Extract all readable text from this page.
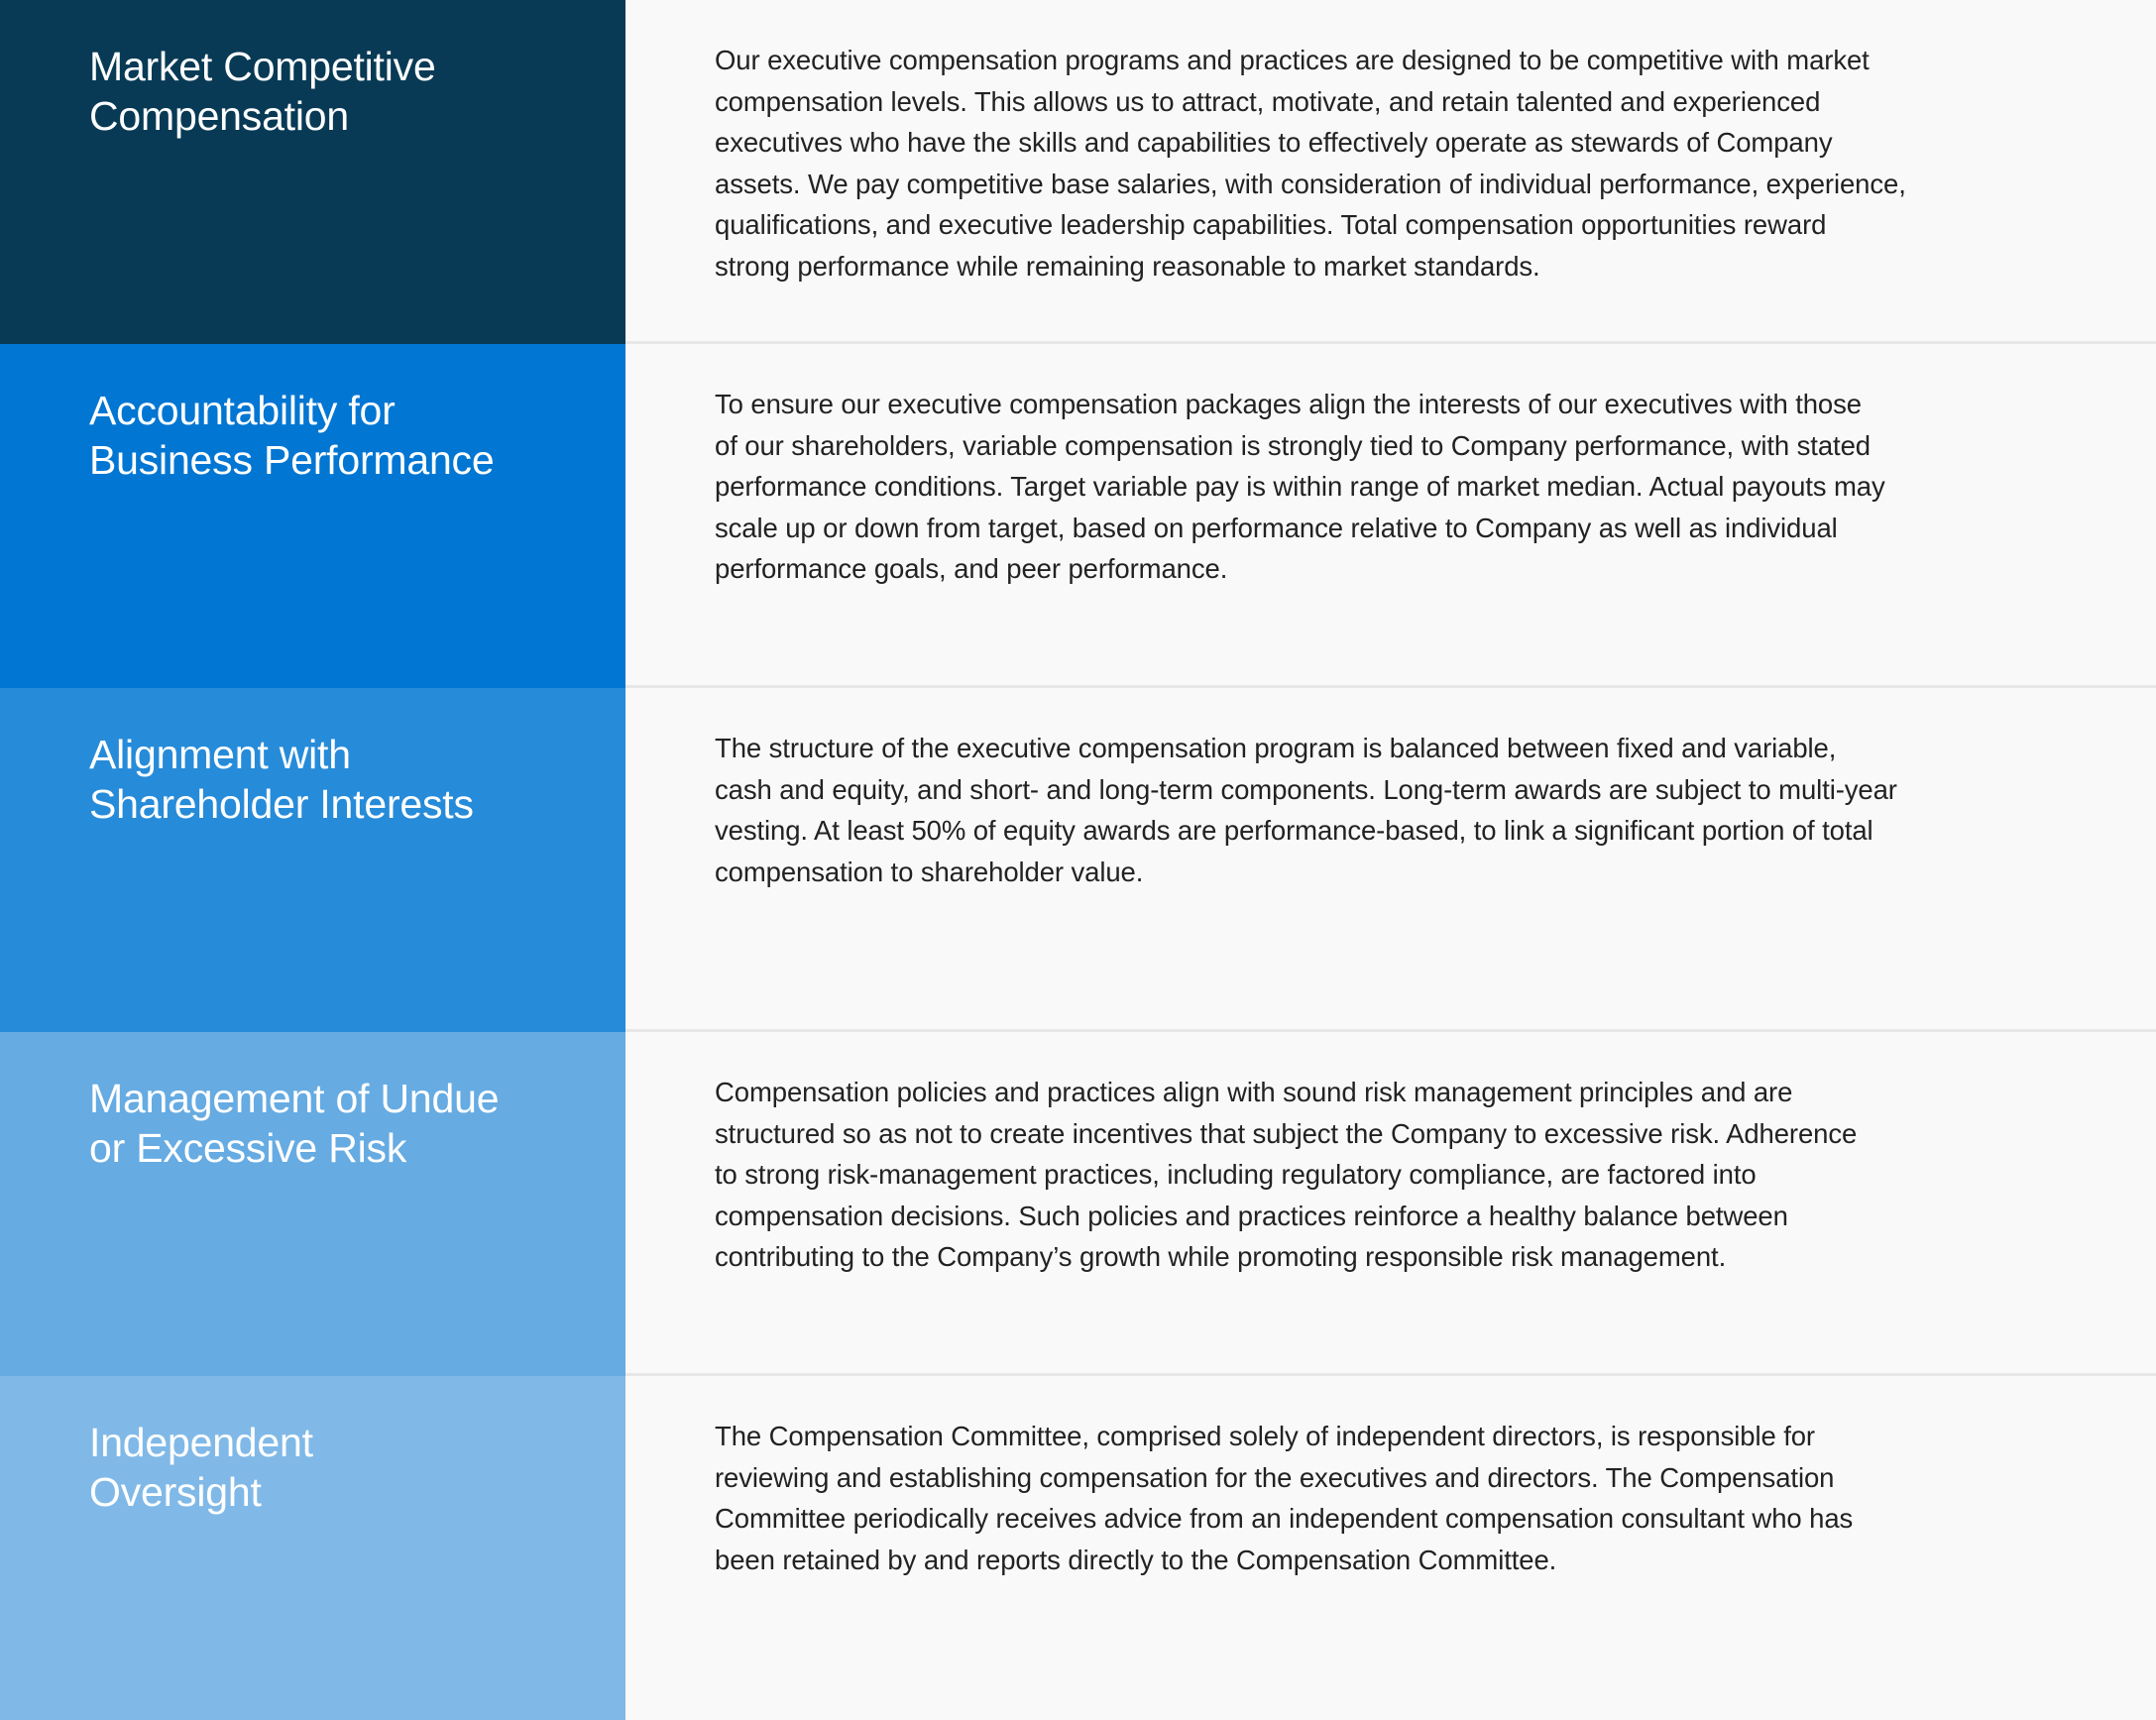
Market Competitive
Compensation
Our executive compensation programs and practices are designed to be competitive with market
compensation levels. This allows us to attract, motivate, and retain talented and experienced
executives who have the skills and capabilities to effectively operate as stewards of Company
assets. We pay competitive base salaries, with consideration of individual performance, experience,
qualifications, and executive leadership capabilities. Total compensation opportunities reward
strong performance while remaining reasonable to market standards.
Accountability for
Business Performance
To ensure our executive compensation packages align the interests of our executives with those
of our shareholders, variable compensation is strongly tied to Company performance, with stated
performance conditions. Target variable pay is within range of market median. Actual payouts may
scale up or down from target, based on performance relative to Company as well as individual
performance goals, and peer performance.
Alignment with
Shareholder Interests
The structure of the executive compensation program is balanced between fixed and variable,
cash and equity, and short- and long-term components. Long-term awards are subject to multi-year
vesting. At least 50% of equity awards are performance-based, to link a significant portion of total
compensation to shareholder value.
Management of Undue
or Excessive Risk
Compensation policies and practices align with sound risk management principles and are
structured so as not to create incentives that subject the Company to excessive risk. Adherence
to strong risk-management practices, including regulatory compliance, are factored into
compensation decisions. Such policies and practices reinforce a healthy balance between
contributing to the Company’s growth while promoting responsible risk management.
Independent
Oversight
The Compensation Committee, comprised solely of independent directors, is responsible for
reviewing and establishing compensation for the executives and directors. The Compensation
Committee periodically receives advice from an independent compensation consultant who has
been retained by and reports directly to the Compensation Committee.
